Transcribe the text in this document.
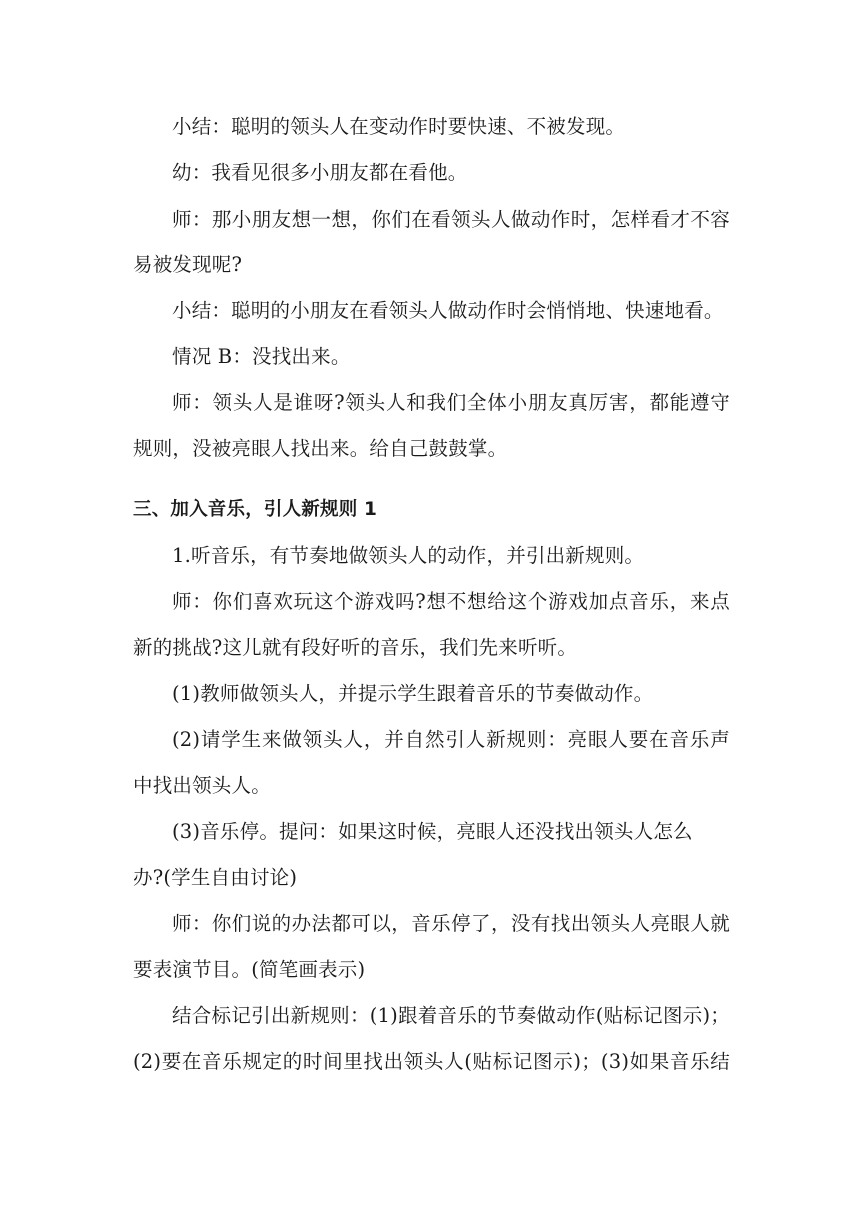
小结：聪明的领头人在变动作时要快速、不被发现。
幼：我看见很多小朋友都在看他。
师：那小朋友想一想，你们在看领头人做动作时，怎样看才不容
易被发现呢?
小结：聪明的小朋友在看领头人做动作时会悄悄地、快速地看。
情况 B：没找出来。
师：领头人是谁呀?领头人和我们全体小朋友真厉害，都能遵守
规则，没被亮眼人找出来。给自己鼓鼓掌。
三、加入音乐，引人新规则 1
1.听音乐，有节奏地做领头人的动作，并引出新规则。
师：你们喜欢玩这个游戏吗?想不想给这个游戏加点音乐，来点
新的挑战?这儿就有段好听的音乐，我们先来听听。
(1)教师做领头人，并提示学生跟着音乐的节奏做动作。
(2)请学生来做领头人，并自然引人新规则：亮眼人要在音乐声
中找出领头人。
(3)音乐停。提问：如果这时候，亮眼人还没找出领头人怎么
办?(学生自由讨论)
师：你们说的办法都可以，音乐停了，没有找出领头人亮眼人就
要表演节目。(简笔画表示)
结合标记引出新规则：(1)跟着音乐的节奏做动作(贴标记图示)；
(2)要在音乐规定的时间里找出领头人(贴标记图示)；(3)如果音乐结
